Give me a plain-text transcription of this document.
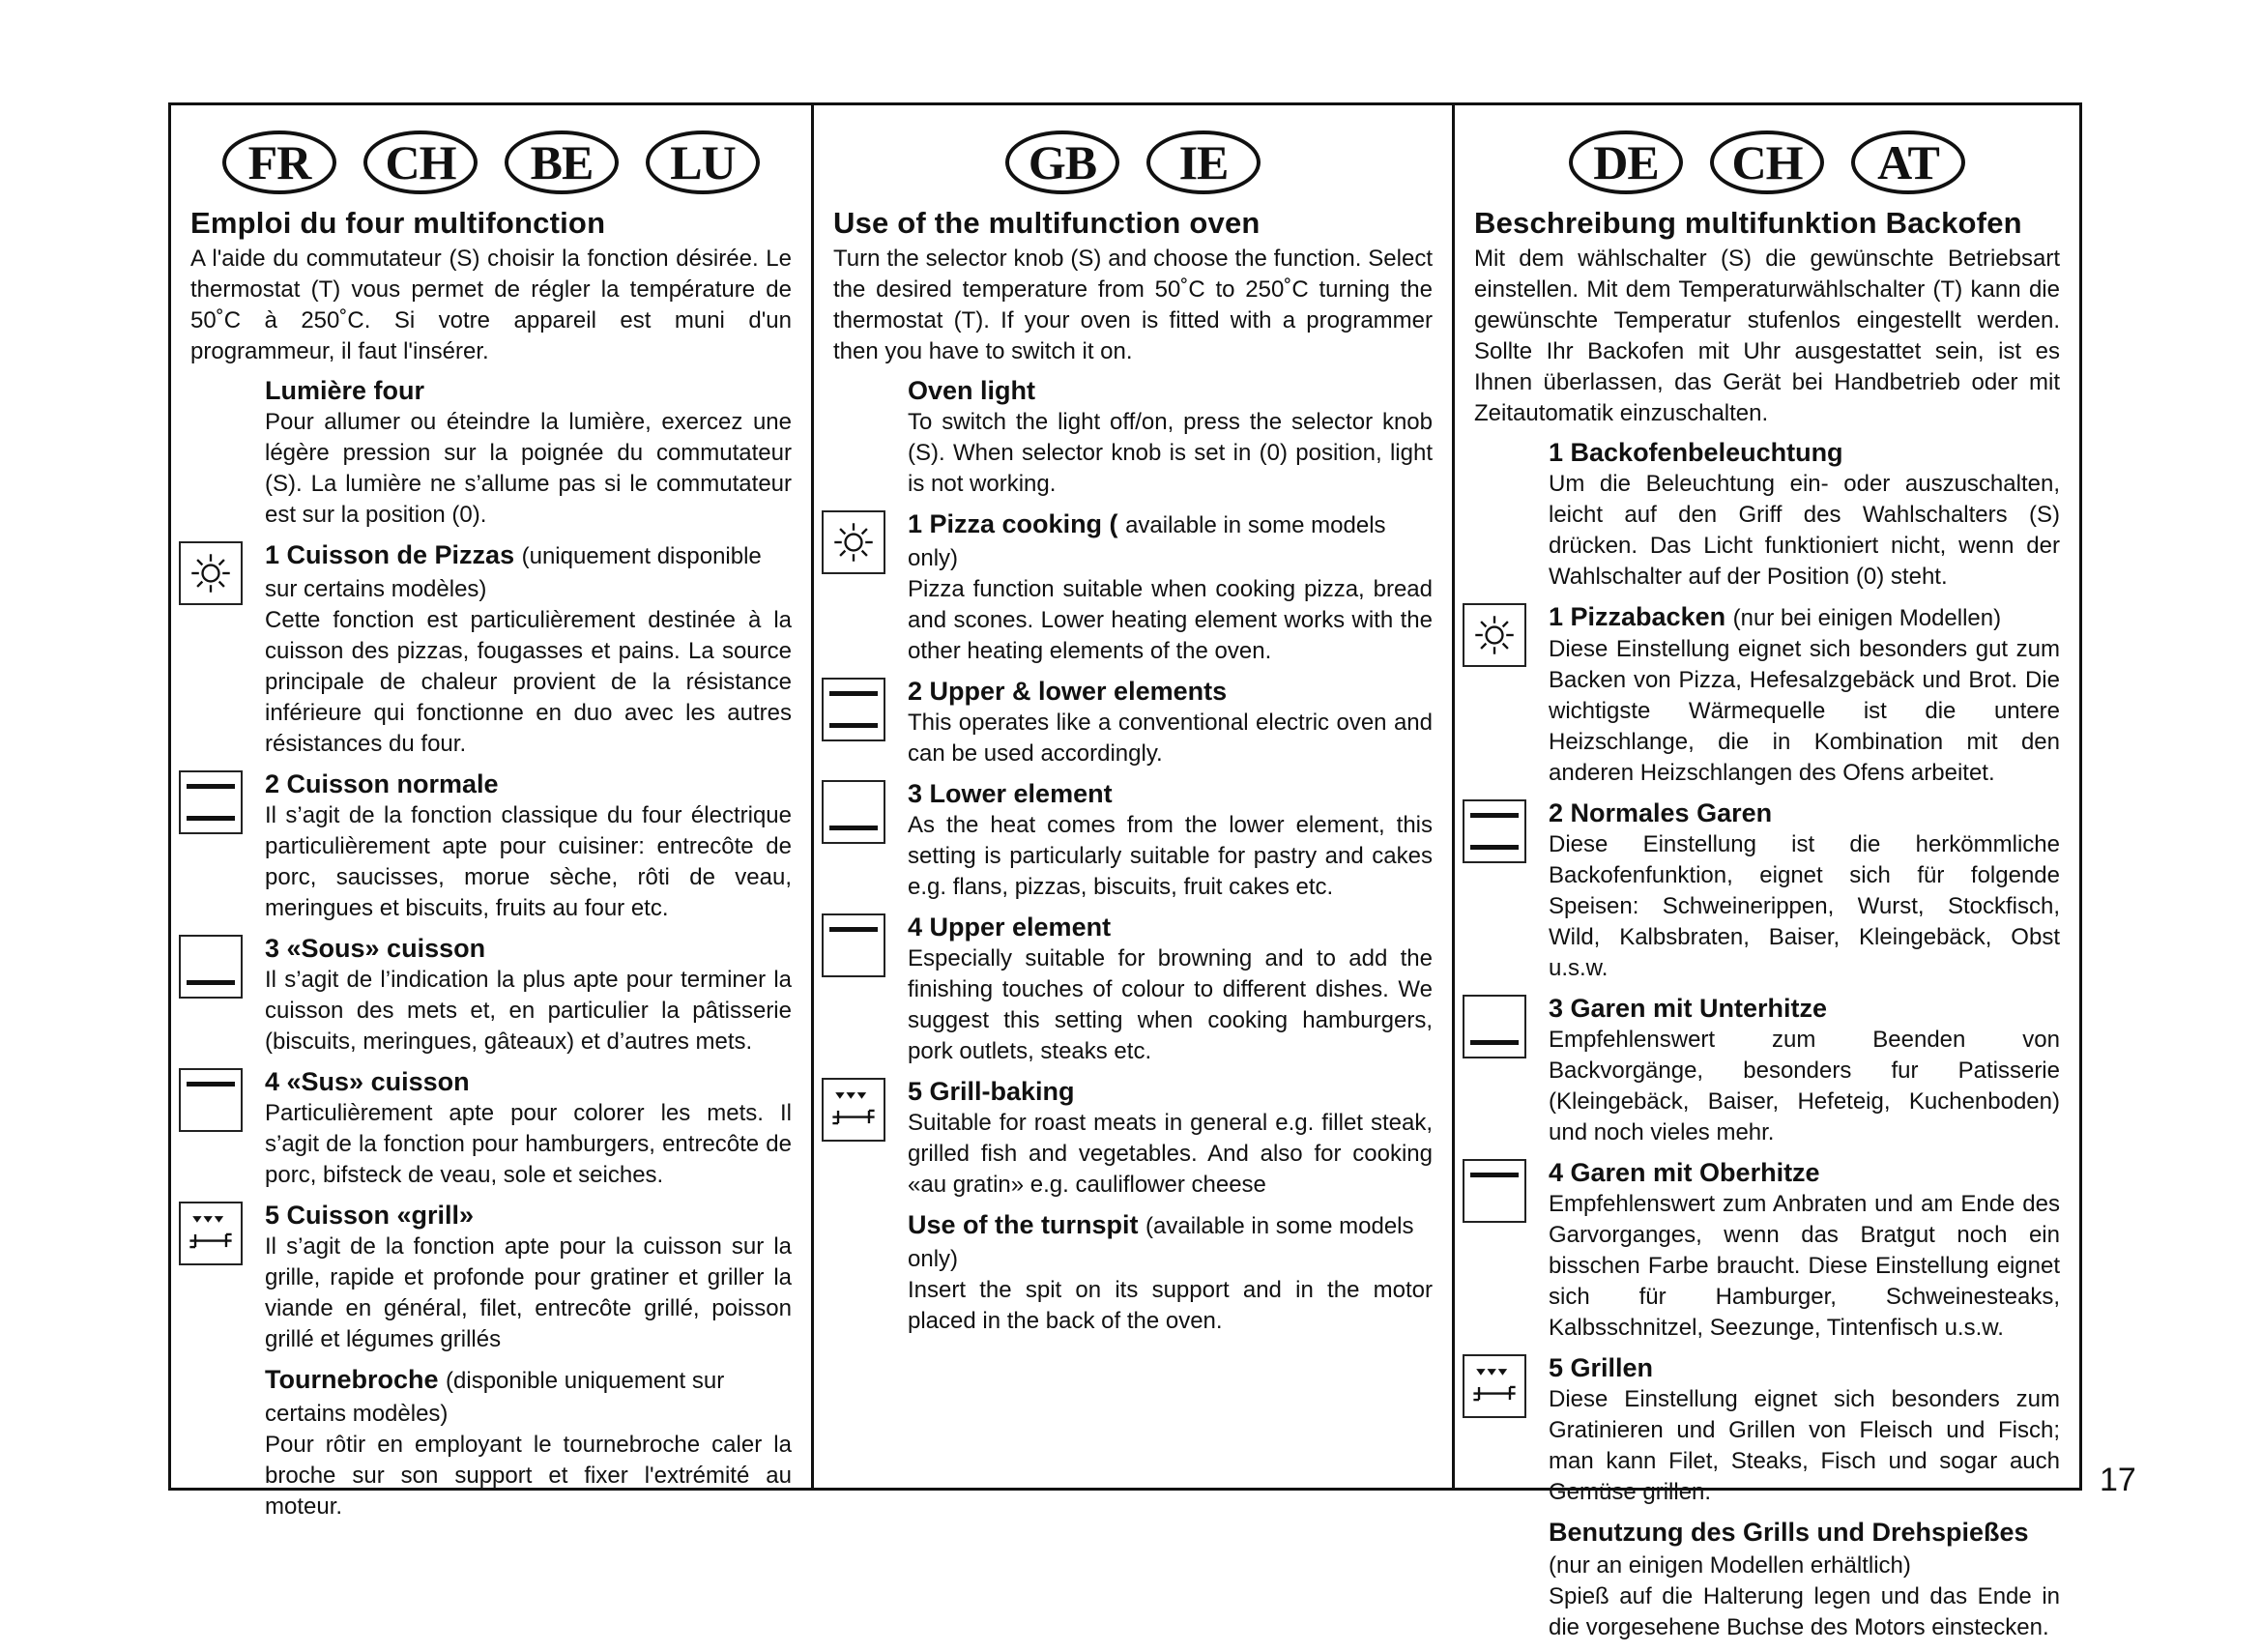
FR	CH	BE	LU
Emploi du four multifonction

A l'aide du commutateur (S) choisir la fonction désirée. Le thermostat (T) vous permet de régler la température de 50˚C à 250˚C. Si votre appareil est muni d'un programmeur, il faut l'insérer.

Lumière four

Pour allumer ou éteindre la lumière, exercez une légère pression sur la poignée du commutateur (S). La lumière ne s’allume pas si le commutateur est sur la position (0).

1 Cuisson de Pizzas (uniquement disponible sur certains modèles)

Cette fonction est particulièrement destinée à la cuisson des pizzas, fougasses et pains. La source principale de chaleur provient de la résistance inférieure qui fonctionne en duo avec les autres résistances du four.

2 Cuisson normale

Il s’agit de la fonction classique du four électrique particulièrement apte pour cuisiner: entrecôte de porc, saucisses, morue sèche, rôti de veau, meringues et biscuits, fruits au four etc.

3 «Sous» cuisson

Il s’agit de l’indication la plus apte pour terminer la cuisson des mets et, en particulier la pâtisserie (biscuits, meringues, gâteaux) et d’autres mets.

4 «Sus» cuisson

Particulièrement apte pour colorer les mets. Il s’agit de la fonction pour hamburgers, entrecôte de porc, bifsteck de veau, sole et seiches.

5 Cuisson «grill»

Il s’agit de la fonction apte pour la cuisson sur la grille, rapide et profonde pour gratiner et griller la viande en général, filet, entrecôte grillé, poisson grillé et légumes grillés

Tournebroche (disponible uniquement sur certains modèles)

Pour rôtir en employant le tournebroche caler la broche sur son support et fixer l'extrémité au moteur.

GB	IE
Use of the multifunction oven

Turn the selector knob (S) and choose the function. Select the desired temperature from 50˚C to 250˚C turning the thermostat (T). If your oven is fitted with a programmer then you have to switch it on.

Oven light

To switch the light off/on, press the selector knob (S). When selector knob is set in (0) position, light is not working.

1 Pizza cooking ( available in some models only)

Pizza function suitable when cooking pizza, bread and scones. Lower heating element works with the other heating elements of the oven.

2 Upper & lower elements

This operates like a conventional electric oven and can be used accordingly.

3 Lower element

As the heat comes from the lower element, this setting is particularly suitable for pastry and cakes e.g. flans, pizzas, biscuits, fruit cakes etc.

4 Upper element

Especially suitable for browning and to add the finishing touches of colour to different dishes. We suggest this setting when cooking hamburgers, pork outlets, steaks etc.

5 Grill-baking

Suitable for roast meats in general e.g. fillet steak, grilled fish and vegetables. And also for cooking «au gratin» e.g. cauliflower cheese

Use of the turnspit (available in some models only)

Insert the spit on its support and in the motor placed in the back of the oven.

DE	CH	AT
Beschreibung multifunktion Backofen

Mit dem wählschalter (S) die gewünschte Betriebsart einstellen. Mit dem Temperaturwählschalter (T) kann die gewünschte Temperatur stufenlos eingestellt werden. Sollte Ihr Backofen mit Uhr ausgestattet sein, ist es Ihnen überlassen, das Gerät bei Handbetrieb oder mit Zeitautomatik einzuschalten.

1 Backofenbeleuchtung

Um die Beleuchtung ein- oder auszuschalten, leicht auf den Griff des Wahlschalters (S) drücken. Das Licht funktioniert nicht, wenn der Wahlschalter auf der Position (0) steht.

1 Pizzabacken (nur bei einigen Modellen)

Diese Einstellung eignet sich besonders gut zum Backen von Pizza, Hefesalzgebäck und Brot. Die wichtigste Wärmequelle ist die untere Heizschlange, die in Kombination mit den anderen Heizschlangen des Ofens arbeitet.

2 Normales Garen

Diese Einstellung ist die herkömmliche Backofenfunktion, eignet sich für folgende Speisen: Schweinerippen, Wurst, Stockfisch, Wild, Kalbsbraten, Baiser, Kleingebäck, Obst u.s.w.

3 Garen mit Unterhitze

Empfehlenswert zum Beenden von Backvorgänge, besonders fur Patisserie (Kleingebäck, Baiser, Hefeteig, Kuchenboden) und noch vieles mehr.

4 Garen mit Oberhitze

Empfehlenswert zum Anbraten und am Ende des Garvorganges, wenn das Bratgut noch ein bisschen Farbe braucht. Diese Einstellung eignet sich für Hamburger, Schweinesteaks, Kalbsschnitzel, Seezunge, Tintenfisch u.s.w.

5 Grillen

Diese Einstellung eignet sich besonders zum Gratinieren und Grillen von Fleisch und Fisch; man kann Filet, Steaks, Fisch und sogar auch Gemüse grillen.

Benutzung des Grills und Drehspießes (nur an einigen Modellen erhältlich)

Spieß auf die Halterung legen und das Ende in die vorgesehene Buchse des Motors einstecken.

17
